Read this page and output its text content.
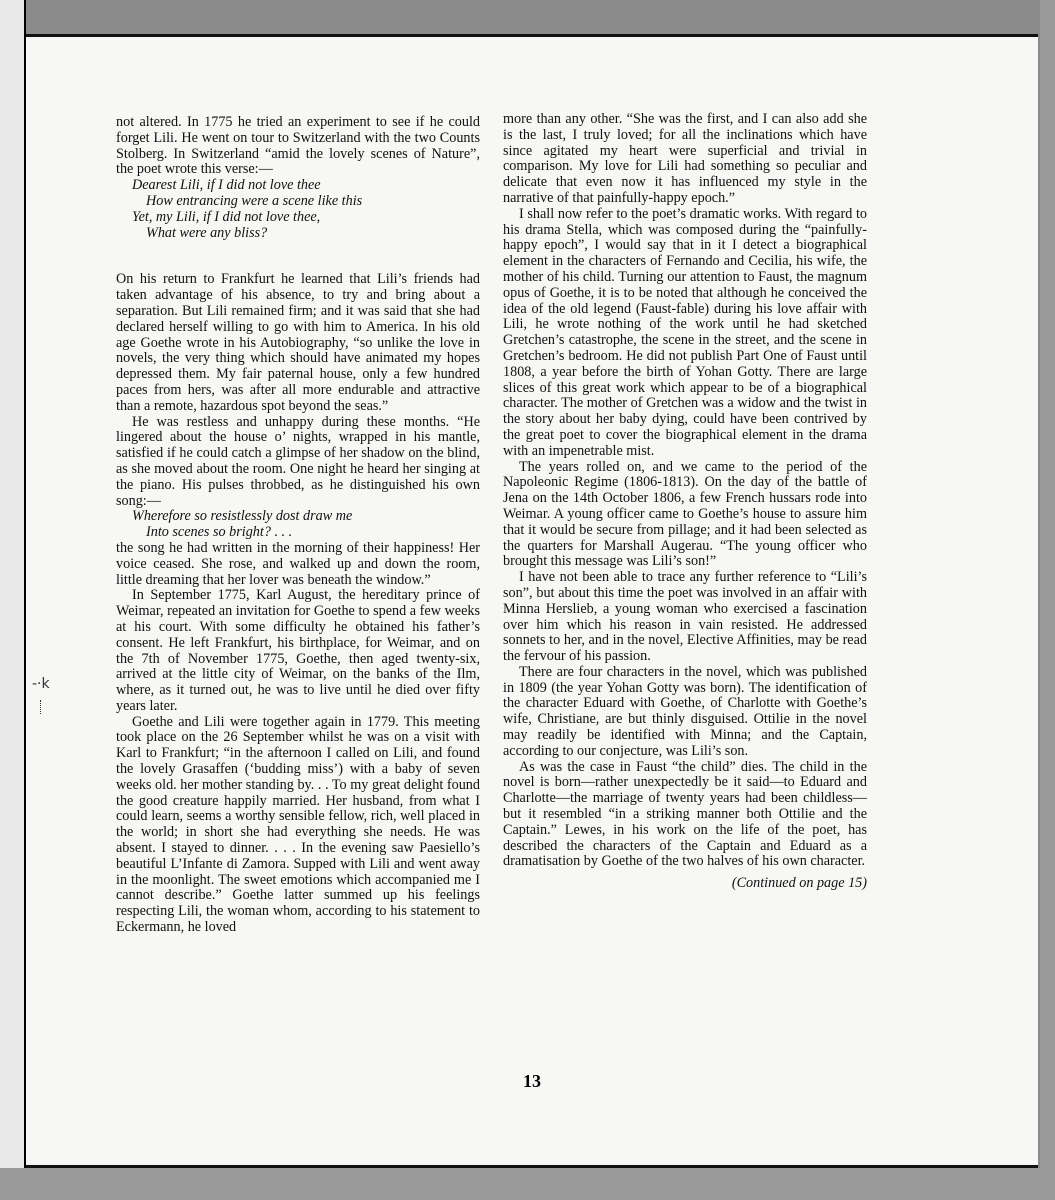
not altered. In 1775 he tried an experiment to see if he could forget Lili. He went on tour to Switzerland with the two Counts Stolberg. In Switzerland “amid the lovely scenes of Nature”, the poet wrote this verse:—

Dearest Lili, if I did not love thee
How entrancing were a scene like this
Yet, my Lili, if I did not love thee,
What were any bliss?

On his return to Frankfurt he learned that Lili’s friends had taken advantage of his absence, to try and bring about a separation. But Lili remained firm; and it was said that she had declared herself willing to go with him to America. In his old age Goethe wrote in his Autobiography, “so unlike the love in novels, the very thing which should have animated my hopes depressed them. My fair paternal house, only a few hundred paces from hers, was after all more endurable and attractive than a remote, hazardous spot beyond the seas.”

He was restless and unhappy during these months. “He lingered about the house o’ nights, wrapped in his mantle, satisfied if he could catch a glimpse of her shadow on the blind, as she moved about the room. One night he heard her singing at the piano. His pulses throbbed, as he distinguished his own song:—

Wherefore so resistlessly dost draw me
Into scenes so bright? . . .

the song he had written in the morning of their happiness! Her voice ceased. She rose, and walked up and down the room, little dreaming that her lover was beneath the window.”

In September 1775, Karl August, the hereditary prince of Weimar, repeated an invitation for Goethe to spend a few weeks at his court. With some difficulty he obtained his father’s consent. He left Frankfurt, his birthplace, for Weimar, and on the 7th of November 1775, Goethe, then aged twenty-six, arrived at the little city of Weimar, on the banks of the Ilm, where, as it turned out, he was to live until he died over fifty years later.

Goethe and Lili were together again in 1779. This meeting took place on the 26 September whilst he was on a visit with Karl to Frankfurt; “in the afternoon I called on Lili, and found the lovely Grasaffen (‘budding miss’) with a baby of seven weeks old. her mother standing by. . . To my great delight found the good creature happily married. Her husband, from what I could learn, seems a worthy sensible fellow, rich, well placed in the world; in short she had everything she needs. He was absent. I stayed to dinner. . . . In the evening saw Paesiello’s beautiful L’Infante di Zamora. Supped with Lili and went away in the moonlight. The sweet emotions which accompanied me I cannot describe.” Goethe latter summed up his feelings respecting Lili, the woman whom, according to his statement to Eckermann, he loved

more than any other. “She was the first, and I can also add she is the last, I truly loved; for all the inclinations which have since agitated my heart were superficial and trivial in comparison. My love for Lili had something so peculiar and delicate that even now it has influenced my style in the narrative of that painfully-happy epoch.”

I shall now refer to the poet’s dramatic works. With regard to his drama Stella, which was composed during the “painfully-happy epoch”, I would say that in it I detect a biographical element in the characters of Fernando and Cecilia, his wife, the mother of his child. Turning our attention to Faust, the magnum opus of Goethe, it is to be noted that although he conceived the idea of the old legend (Faust-fable) during his love affair with Lili, he wrote nothing of the work until he had sketched Gretchen’s catastrophe, the scene in the street, and the scene in Gretchen’s bedroom. He did not publish Part One of Faust until 1808, a year before the birth of Yohan Gotty. There are large slices of this great work which appear to be of a biographical character. The mother of Gretchen was a widow and the twist in the story about her baby dying, could have been contrived by the great poet to cover the biographical element in the drama with an impenetrable mist.

The years rolled on, and we came to the period of the Napoleonic Regime (1806-1813). On the day of the battle of Jena on the 14th October 1806, a few French hussars rode into Weimar. A young officer came to Goethe’s house to assure him that it would be secure from pillage; and it had been selected as the quarters for Marshall Augerau. “The young officer who brought this message was Lili’s son!”

I have not been able to trace any further reference to “Lili’s son”, but about this time the poet was involved in an affair with Minna Herslieb, a young woman who exercised a fascination over him which his reason in vain resisted. He addressed sonnets to her, and in the novel, Elective Affinities, may be read the fervour of his passion.

There are four characters in the novel, which was published in 1809 (the year Yohan Gotty was born). The identification of the character Eduard with Goethe, of Charlotte with Goethe’s wife, Christiane, are but thinly disguised. Ottilie in the novel may readily be identified with Minna; and the Captain, according to our conjecture, was Lili’s son.

As was the case in Faust “the child” dies. The child in the novel is born—rather unexpectedly be it said—to Eduard and Charlotte—the marriage of twenty years had been childless—but it resembled “in a striking manner both Ottilie and the Captain.” Lewes, in his work on the life of the poet, has described the characters of the Captain and Eduard as a dramatisation by Goethe of the two halves of his own character.

(Continued on page 15)
13
-·k
